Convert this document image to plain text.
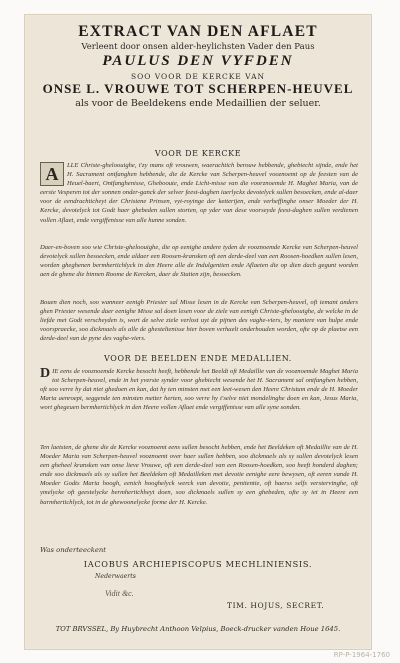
EXTRACT VAN DEN AFLAET
Verleent door onsen alder-heylichsten Vader den Paus
PAULUS DEN VYFDEN
SOO VOOR DE KERCKE VAN
ONSE L. VROUWE TOT SCHERPEN-HEUVEL
als voor de Beeldekens ende Medaillien der seluer.
VOOR DE KERCKE

A	LLE Christe-gheloouighe, t'zy mans oft vrouwen, waerachtich berouw hebbende, ghebiecht sijnde, ende het H. Sacrament ontfanghen hebbende, die de Kercke van Scherpen-heuvel vooznoemt op de feesten van de Heuel-baert, Ontfanghenisse, Ghebooute, ende Licht-misse van die voorznoemde H. Maghet Maria, van de eerste Vesperen tot der sonnen onder-ganck der selver feest-daghen iaerlyckx devotelyck sullen besoecken, ende al-daer voor de eendrachticheyt der Christene Prinsen, vyt-royinge der ketterijen, ende verheffinghe onser Moeder der H. Kercke, devotelyck tot Godt haer ghebeden sullen storten, op yder van dese voorseyde feest-daghen sullen verdienen vollen Aflaet, ende vergiffenisse van alle hunne sonden.

Daer-en-boven soo wie Christe-gheloouighe, die op eenighe andere tyden de vooznoemde Kercke van Scherpen-heuvel devotelyck sullen besoecken, ende aldaer een Roosen-kransken oft een derde-deel van een Roosen-hoedken sullen lesen, worden gheghenen bermhertichlyck in den Heere alle de Indulgentien ende Aflaeten die op dien dach gegunt worden aen de ghene die binnen Roome de Kercken, daer de Statien zijn, besoecken.

Bouen dien noch, soo wanneer eenigh Priester sal Misse lesen in de Kercke van Scherpen-heuvel, oft iemant anders ghen Priester wesende daer eenighe Misse sal doen lesen voor de ziele van eenigh Christe-gheloouighe, de welcke in de liefde met Godt verscheyden is, wort de selve ziele verlost uyt de pijnen des vaghe-viers, by maniere van hulpe ende voorspraecke, soo dickmaels als alle de ghesteltenisse hier boven verhaelt onderhouden worden, ofte op de plaetse een derde-deel van de pyne des vaghe-viers.

VOOR DE BEELDEN ENDE MEDALLIEN.

DIE eens de vooznoemde Kercke besocht heeft, hebbende het Beeldt oft Medaillie van de vooznoemde Maghet Maria tot Scherpen-heuvel, ende in het yverste synder voor ghebiecht wesende het H. Sacrament sal ontfanghen hebben, oft soo verre hy dat niet ghedoen en kan, dat hy ten minsten met een leet-wesen den Heere Christum ende de H. Moeder Maria aenroept, seggende ten minsten metter herten, soo verre hy t'selve niet mondelinghe doen en kan, Jesus Maria, wort ghegeuen bermhertichlyck in den Heere vollen Aflaet ende vergiffenisse van alle syne sonden.

Ten laetsten, de ghene die de Kercke vooznoemt eens sullen besocht hebben, ende het Beeldeken oft Medaillie van de H. Moeder Maria van Scherpen-heuvel vooznoemt over haer sullen hebben, soo dickmaels als sy sullen devotelyck lesen een gheheel kransken van onse lieve Vrouwe, oft een derde-deel van een Roosen-hoedken, soo heeft honderd daghen; ende soo dickmaels als sy sullen het Beeldeken oft Medailleken met devotie eenighe eere bewysen, oft eeren vande H. Moeder Godts Maria hoogh, eenich hooghelyck werck van devotie, penitentie, oft haerss selfs verstervinghe, oft ymelycke oft geestelycke bermhertichheyt doen, soo dickmaels sullen sy een ghebeden, ofte sy iet in Heere een barmhertichlyck, tot in de ghewoonelycke forme der H. Kercke.

Was onderteeckent
IACOBUS ARCHIEPISCOPUS MECHLINIENSIS.
Nederwaerts
Vidit &c.
TIM. HOJUS, SECRET.
TOT BRVSSEL, By Huybrecht Anthoon Velpius, Boeck-drucker vanden Houe 1645.
RP-P-1964-1760
